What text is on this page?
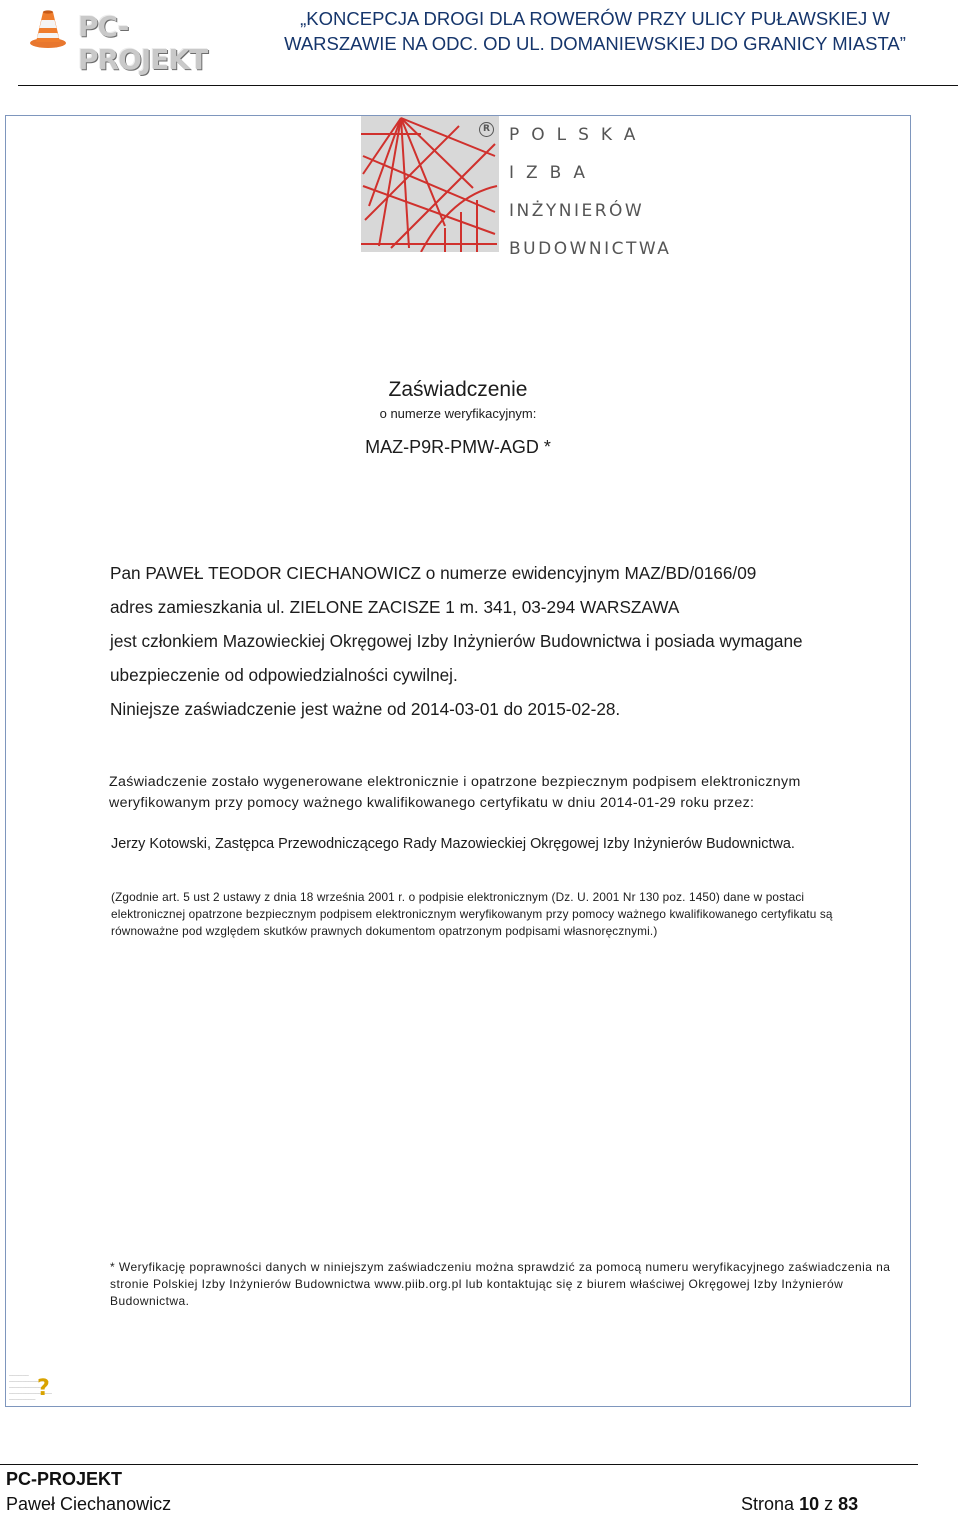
PC-PROJEKT
„KONCEPCJA DROGI DLA ROWERÓW PRZY ULICY PUŁAWSKIEJ W
WARSZAWIE NA ODC. OD UL. DOMANIEWSKIEJ DO GRANICY MIASTA”
R POLSKA
IZBA
INŻYNIERÓW
BUDOWNICTWA
Zaświadczenie
o numerze weryfikacyjnym:
MAZ-P9R-PMW-AGD *
Pan PAWEŁ TEODOR CIECHANOWICZ o numerze ewidencyjnym MAZ/BD/0166/09
adres zamieszkania ul. ZIELONE ZACISZE 1 m. 341, 03-294 WARSZAWA
jest członkiem Mazowieckiej Okręgowej Izby Inżynierów Budownictwa i posiada wymagane
ubezpieczenie od odpowiedzialności cywilnej.
Niniejsze zaświadczenie jest ważne od 2014-03-01 do 2015-02-28.
Zaświadczenie zostało wygenerowane elektronicznie i opatrzone bezpiecznym podpisem elektronicznym
weryfikowanym przy pomocy ważnego kwalifikowanego certyfikatu w dniu 2014-01-29 roku przez:
Jerzy Kotowski, Zastępca Przewodniczącego Rady Mazowieckiej Okręgowej Izby Inżynierów Budownictwa.
(Zgodnie art. 5 ust 2 ustawy z dnia 18 września 2001 r. o podpisie elektronicznym (Dz. U. 2001 Nr 130 poz. 1450) dane w postaci
elektronicznej opatrzone bezpiecznym podpisem elektronicznym weryfikowanym przy pomocy ważnego kwalifikowanego certyfikatu są
równoważne pod względem skutków prawnych dokumentom opatrzonym podpisami własnoręcznymi.)
* Weryfikację poprawności danych w niniejszym zaświadczeniu można sprawdzić za pomocą numeru weryfikacyjnego zaświadczenia na
stronie Polskiej Izby Inżynierów Budownictwa www.piib.org.pl lub kontaktując się z biurem właściwej Okręgowej Izby Inżynierów
Budownictwa.
——————
————————————
——————————
—————————————
———————— ?
PC-PROJEKT
Paweł Ciechanowicz	Strona 10 z 83
